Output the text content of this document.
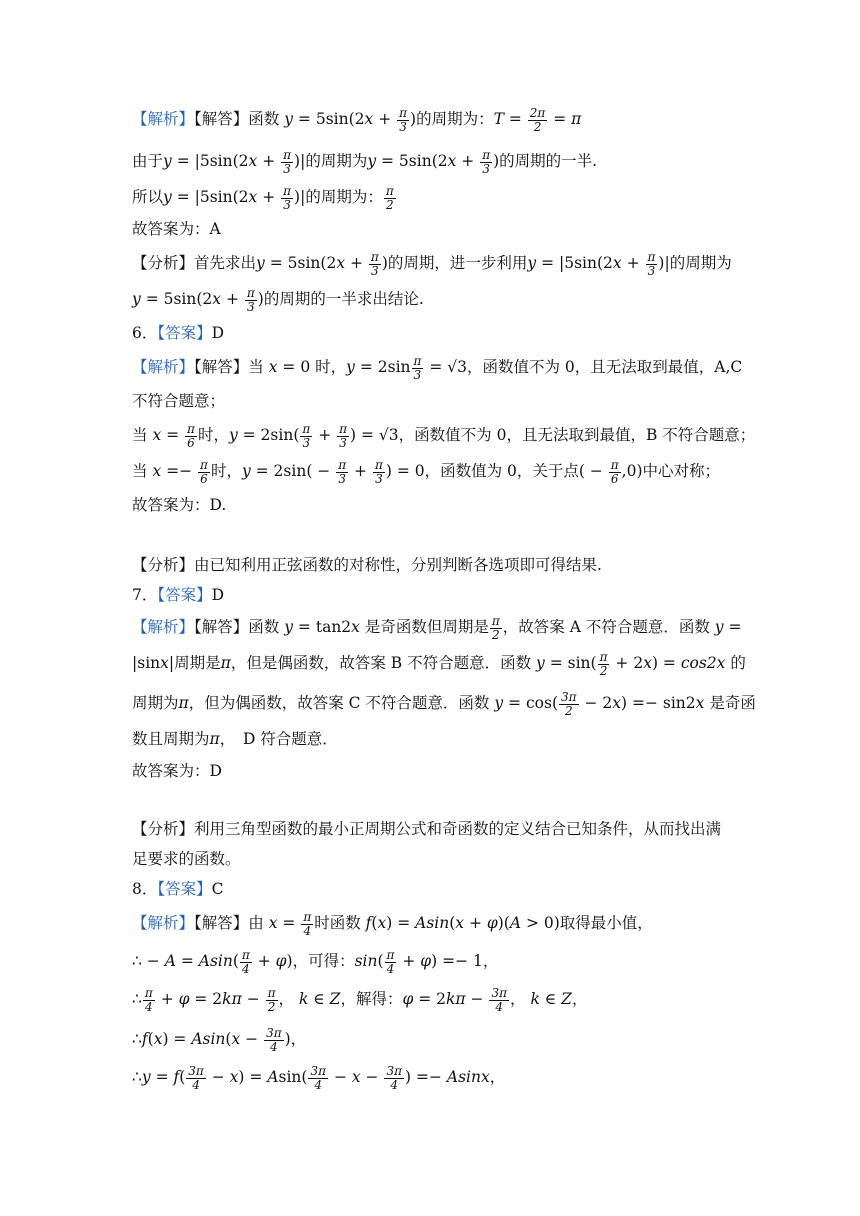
【解析】【解答】函数 $y = 5\sin(2x + \frac{\pi}{3}$ )的周期为：$T = \frac{2\pi}{2} = \pi$
由于$y = |5\sin(2x + \frac{\pi}{3}$ )|的周期为$y = 5\sin(2x + \frac{\pi}{3}$ )的周期的一半.
所以$y = |5\sin(2x + \frac{\pi}{3}$ )|的周期为： $\frac{\pi}{2}$
故答案为：A
【分析】首先求出$y = 5\sin(2x + \frac{\pi}{3}$ )的周期，进一步利用$y = |5\sin(2x + \frac{\pi}{3}$ )|的周期为
$y = 5\sin(2x + \frac{\pi}{3}$ )的周期的一半求出结论.
6．【答案】D
【解析】【解答】当 x = 0 时，$y = 2\sin \frac{\pi}{3} = √3$，函数值不为 0，且无法取到最值，A,C
不符合题意；
当 $x = \frac{\pi}{6}$ 时，$y = 2\sin( \frac{\pi}{3} + \frac{\pi}{3}$ ) = √3，函数值不为 0，且无法取到最值，B 不符合题意；
当 $x =- \frac{\pi}{6}$ 时，$y = 2\sin( - \frac{\pi}{3} + \frac{\pi}{3}$ ) = 0，函数值为 0，关于点( − $\frac{\pi}{6} ,0$)中心对称；
故答案为：D.
【分析】由已知利用正弦函数的对称性，分别判断各选项即可得结果.
7．【答案】D
【解析】【解答】函数 y = tan2x 是奇函数但周期是 $\frac{\pi}{2}$ ，故答案 A 不符合题意．函数 y =
|sinx|周期是π，但是偶函数，故答案 B 不符合题意．函数 $y = \sin( \frac{\pi}{2} + 2x) = \cos 2x$ 的
周期为π，但为偶函数，故答案 C 不符合题意．函数 $y = \cos( \frac{3\pi}{2} - 2x) =- \sin 2x$ 是奇函
数且周期为π，　D 符合题意．
故答案为：D
【分析】利用三角型函数的最小正周期公式和奇函数的定义结合已知条件，从而找出满
足要求的函数。
8．【答案】C
【解析】【解答】由 $x = \frac{\pi}{4}$ 时函数 f(x) = Asin(x + φ)(A > 0)取得最小值，
∴ − $A = Asin( \frac{\pi}{4} + \varphi)$，可得：$\sin( \frac{\pi}{4} + \varphi) =- 1$，
∴ $\frac{\pi}{4} + \varphi = 2k\pi - \frac{\pi}{2}$ ， k ∈ Z，解得：$\varphi = 2k\pi - \frac{3\pi}{4}$ ， k ∈ Z，
∴f(x) = $Asin(x - \frac{3\pi}{4}$ )，
∴y = $f( \frac{3\pi}{4} - x) = Asin( \frac{3\pi}{4} - x - \frac{3\pi}{4}$ ) =− Asinx，
